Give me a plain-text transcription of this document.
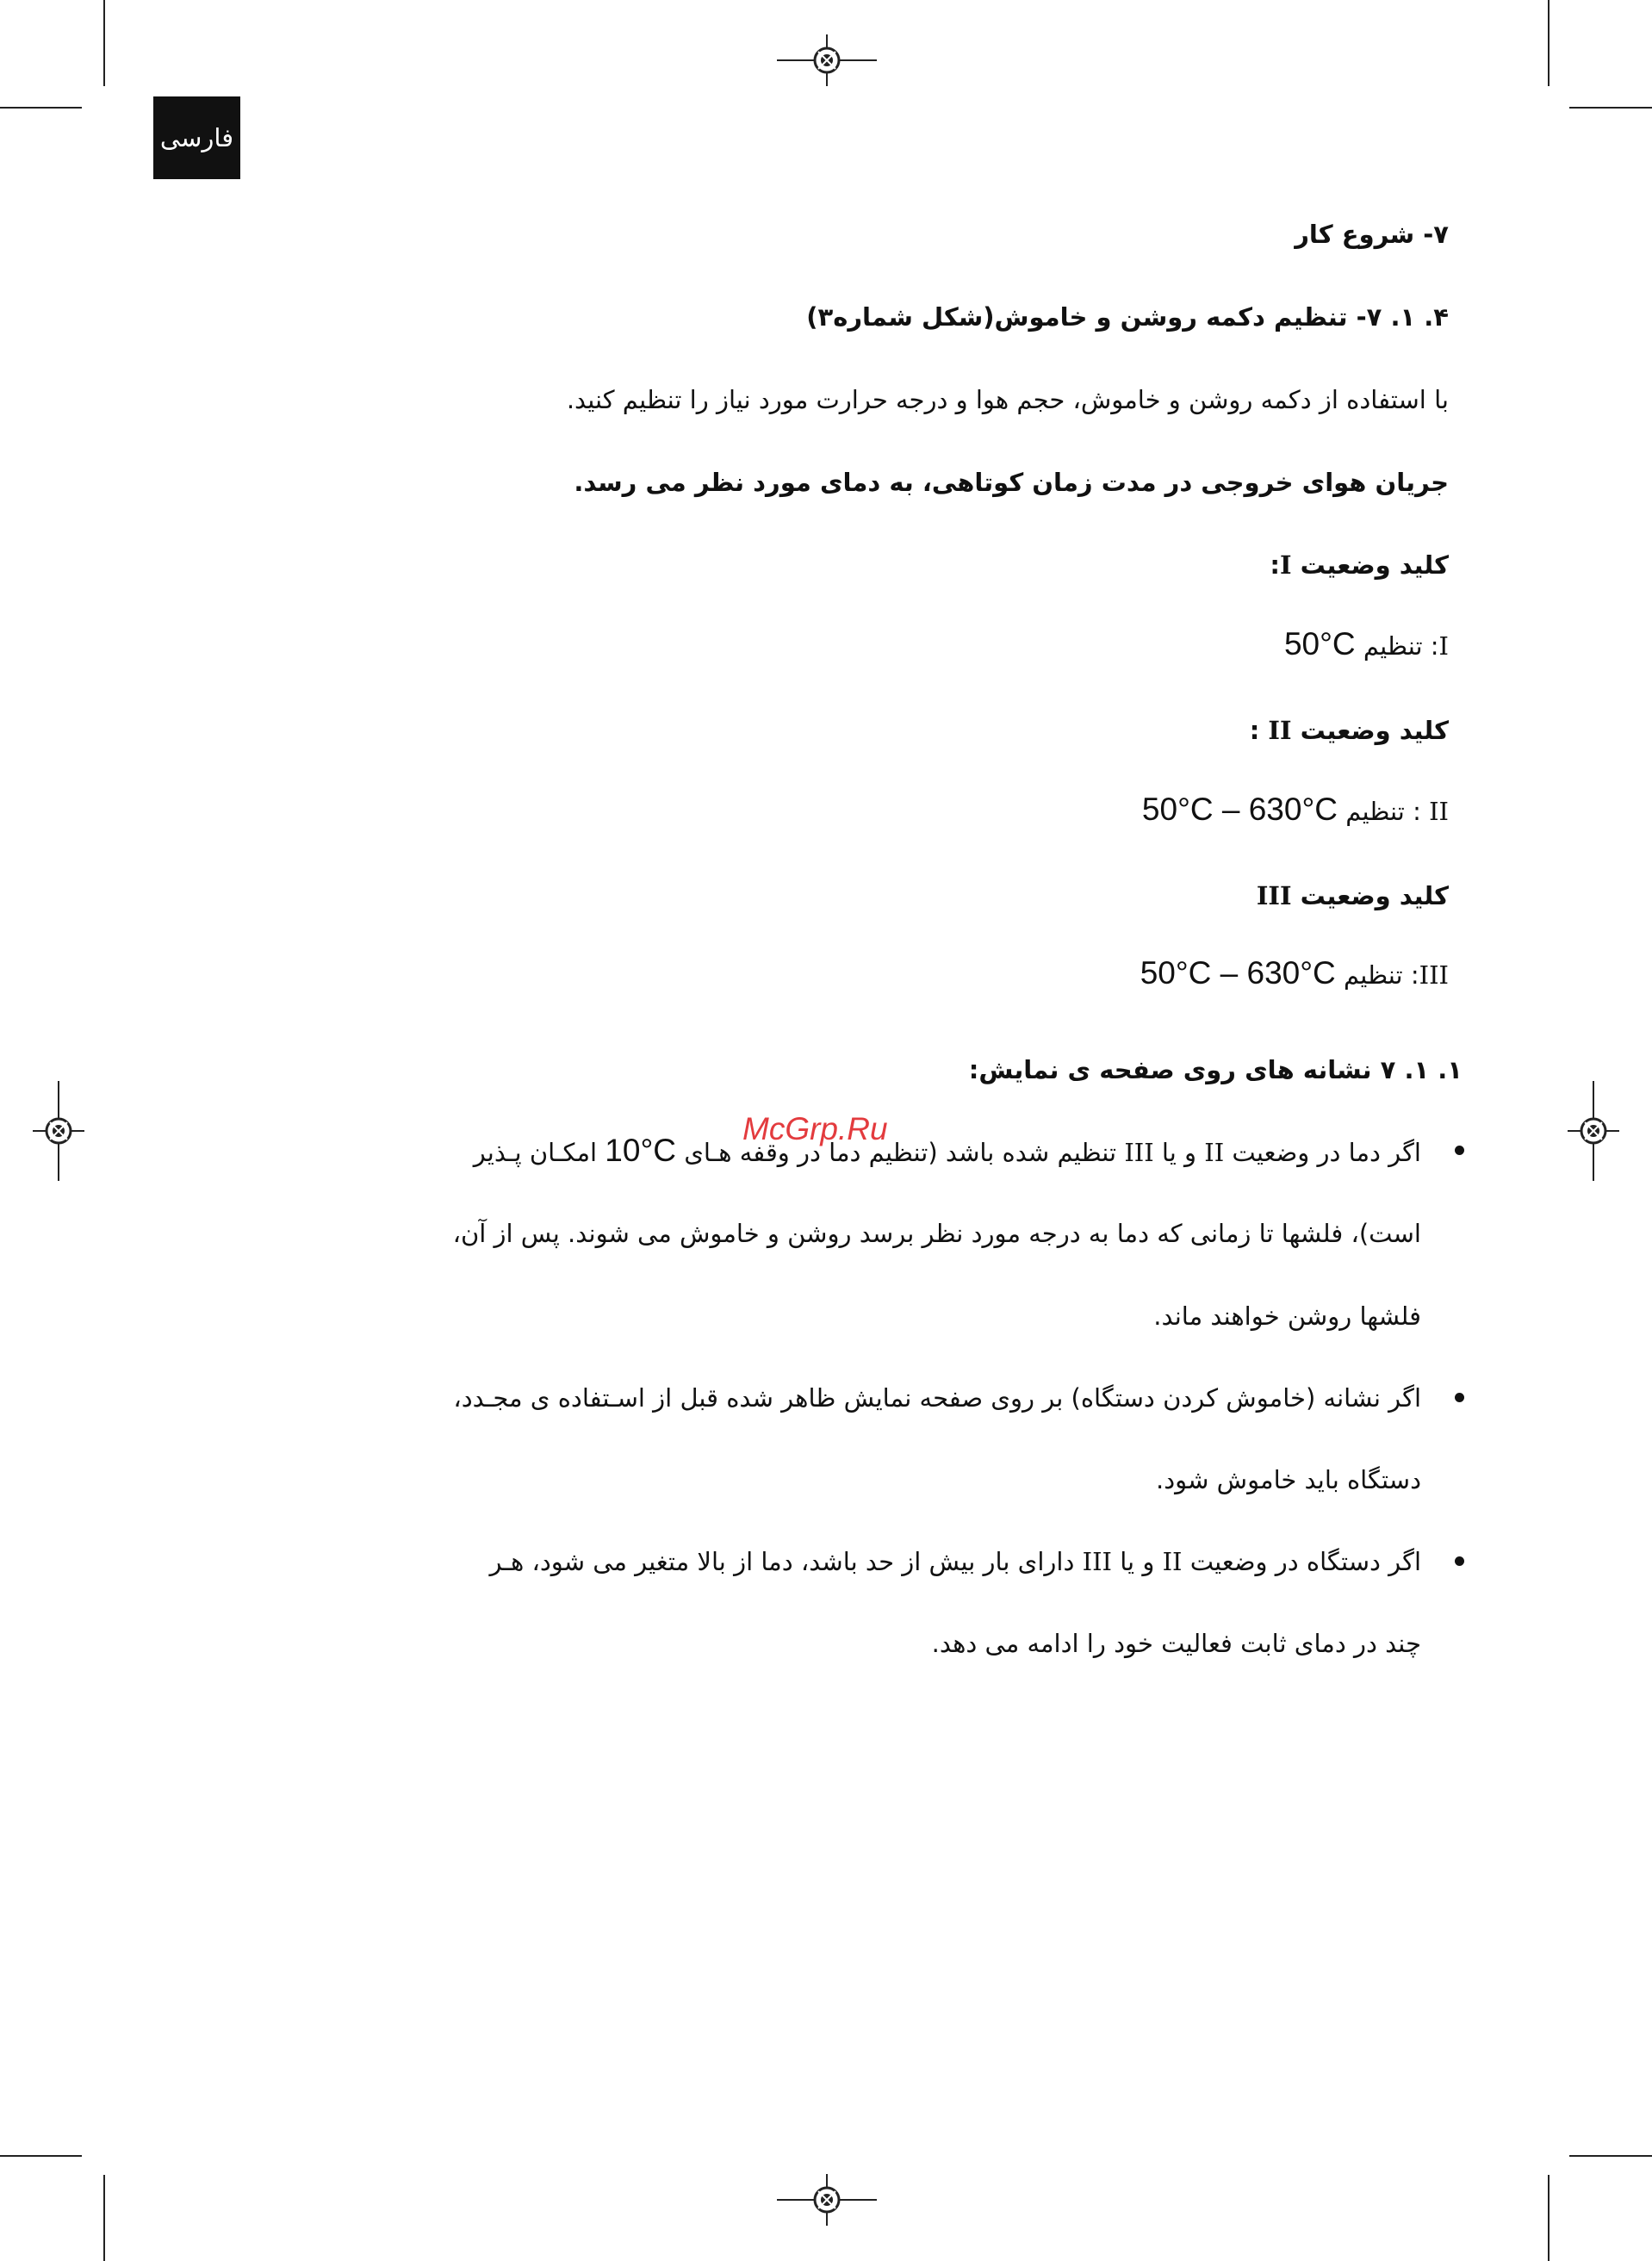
فارسی
۷- شروع کار
۴. ۱. ۷- تنظیم دکمه روشن و خاموش(شکل شماره۳)
با استفاده از دکمه روشن و خاموش، حجم هوا و درجه حرارت مورد نیاز را تنظیم کنید.
جریان هوای خروجی در مدت زمان کوتاهی، به دمای مورد نظر می رسد.
کلید وضعیت I:
I: تنظیم 50°C
کلید وضعیت II :
II : تنظیم 50°C – 630°C
کلید وضعیت III
III: تنظیم 50°C – 630°C
۱. ۱. ۷ نشانه های روی صفحه ی نمایش:
اگر دما در وضعیت II و یا III تنظیم شده باشد (تنظیم دما در وقفه هـای 10°C امکـان پـذیر
است)، فلشها تا زمانی که دما به درجه مورد نظر برسد روشن و خاموش می شوند. پس از آن،
فلشها روشن خواهند ماند.
اگر نشانه (خاموش کردن دستگاه) بر روی صفحه نمایش ظاهر شده قبل از اسـتفاده ی مجـدد،
دستگاه باید خاموش شود.
اگر دستگاه در وضعیت II و یا III دارای بار بیش از حد باشد، دما از بالا متغیر می شود، هـر
چند در دمای ثابت فعالیت خود را ادامه می دهد.
McGrp.Ru
